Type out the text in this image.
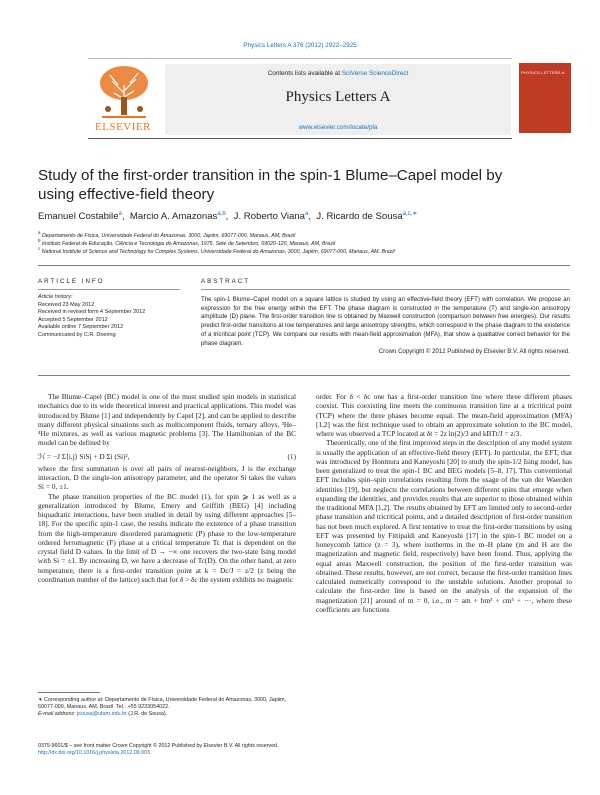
Physics Letters A 376 (2012) 2922–2925
Contents lists available at SciVerse ScienceDirect
Physics Letters A
www.elsevier.com/locate/pla
ELSEVIER
PHYSICS LETTERS A
Study of the first-order transition in the spin-1 Blume–Capel model by using effective-field theory
Emanuel Costabile$^a$,  Marcio A. Amazonas$^{a,b}$,  J. Roberto Viana$^a$,  J. Ricardo de Sousa$^{a,c,∗}$
$^a$ Departamento de Física, Universidade Federal do Amazonas, 3000, Japiim, 69077-000, Manaus, AM, Brazil
$^b$ Instituto Federal de Educação, Ciência e Tecnologia do Amazonas, 1975, Sete de Setembro, 69020-120, Manaus, AM, Brazil
$^c$ National Institute of Science and Technology for Complex Systems, Universidade Federal do Amazonas, 3000, Japiim, 69077-000, Manaus, AM, Brazil
ARTICLE INFO	ABSTRACT
Article history:
Received 23 May 2012
Received in revised form 4 September 2012
Accepted 5 September 2012
Available online 7 September 2012
Communicated by C.R. Doering
The spin-1 Blume–Capel model on a square lattice is studied by using an effective-field theory (EFT) with correlation. We propose an expression for the free energy within the EFT. The phase diagram is constructed in the temperature (T) and single-ion anisotropy amplitude (D) plane. The first-order transition line is obtained by Maxwell construction (comparison between free energies). Our results predict first-order transitions at low temperatures and large anisotropy strengths, which correspond in the phase diagram to the existence of a tricritical point (TCP). We compare our results with mean-field approximation (MFA), that show a qualitative correct behavior for the phase diagram.
Crown Copyright © 2012 Published by Elsevier B.V. All rights reserved.

The Blume–Capel (BC) model is one of the most studied spin models in statistical mechanics due to its wide theoretical interest and practical applications. This model was introduced by Blume [1] and independently by Capel [2], and can be applied to describe many different physical situations such as multicomponent fluids, ternary alloys, ³He–⁴He mixtures, as well as various magnetic problems [3]. The Hamiltonian of the BC model can be defined by

ℋ = −J Σ⟨i,j⟩ SiSj + D Σi (Si)²,	(1)

where the first summation is over all pairs of nearest-neighbors, J is the exchange interaction, D the single-ion anisotropy parameter, and the operator Si takes the values Si = 0, ±1.

The phase transition properties of the BC model (1), for spin ⩾ 1 as well as a generalization introduced by Blume, Emery and Griffith (BEG) [4] including biquadratic interactions, have been studied in detail by using different approaches [5–18]. For the specific spin-1 case, the results indicate the existence of a phase transition from the high-temperature disordered paramagnetic (P) phase to the low-temperature ordered ferromagnetic (F) phase at a critical temperature Tc that is dependent on the crystal field D values. In the limit of D → −∞ one recovers the two-state Ising model with Si = ±1. By increasing D, we have a decrease of Tc(D). On the other hand, at zero temperature, there is a first-order transition point at k = Dc/J = z/2 (z being the coordination number of the lattice) such that for δ > δc the system exhibits no magnetic

order. For δ < δc one has a first-order transition line where three different phases coexist. This coexisting line meets the continuous transition line at a tricritical point (TCP) where the three phases become equal. The mean-field approximation (MFA) [1,2] was the first technique used to obtain an approximate solution to the BC model, where was observed a TCP located at δt = 2z ln(2)/3 and kBTt/J = z/3.

Theoretically, one of the first improved steps in the description of any model system is usually the application of an effective-field theory (EFT). In particular, the EFT, that was introduced by Honmura and Kaneyoshi [20] to study the spin-1/2 Ising model, has been generalized to treat the spin-1 BC and BEG models [5–8, 17]. This conventional EFT includes spin–spin correlations resulting from the usage of the van der Waerden identities [19], but neglects the correlations between different spins that emerge when expanding the identities, and provides results that are superior to those obtained within the traditional MFA [1,2]. The results obtained by EFT are limited only to second-order phase transition and tricritical points, and a detailed description of first-order transition has not been much explored. A first tentative to treat the first-order transitions by using EFT was presented by Fittipaldi and Kaneyoshi [17] in the spin-1 BC model on a honeycomb lattice (z = 3), where isotherms in the m–H plane (m and H are the magnetization and magnetic field, respectively) have been found. Thus, applying the equal areas Maxwell construction, the position of the first-order transition was obtained. These results, however, are not correct, because the first-order transition lines calculated numerically correspond to the unstable solutions. Another proposal to calculate the first-order line is based on the analysis of the expansion of the magnetization [21] around of m = 0, i.e., m = am + bm³ + cm⁵ + ···, where these coefficients are functions

∗ Corresponding author at: Departamento de Física, Universidade Federal do Amazonas, 3000, Japiim, 69077-000, Manaus, AM, Brazil. Tel.: +55 9233054022.
E-mail address: jsousa@ufam.edu.br (J.R. de Sousa).
0375-9601/$ – see front matter Crown Copyright © 2012 Published by Elsevier B.V. All rights reserved.
http://dx.doi.org/10.1016/j.physleta.2012.09.003
